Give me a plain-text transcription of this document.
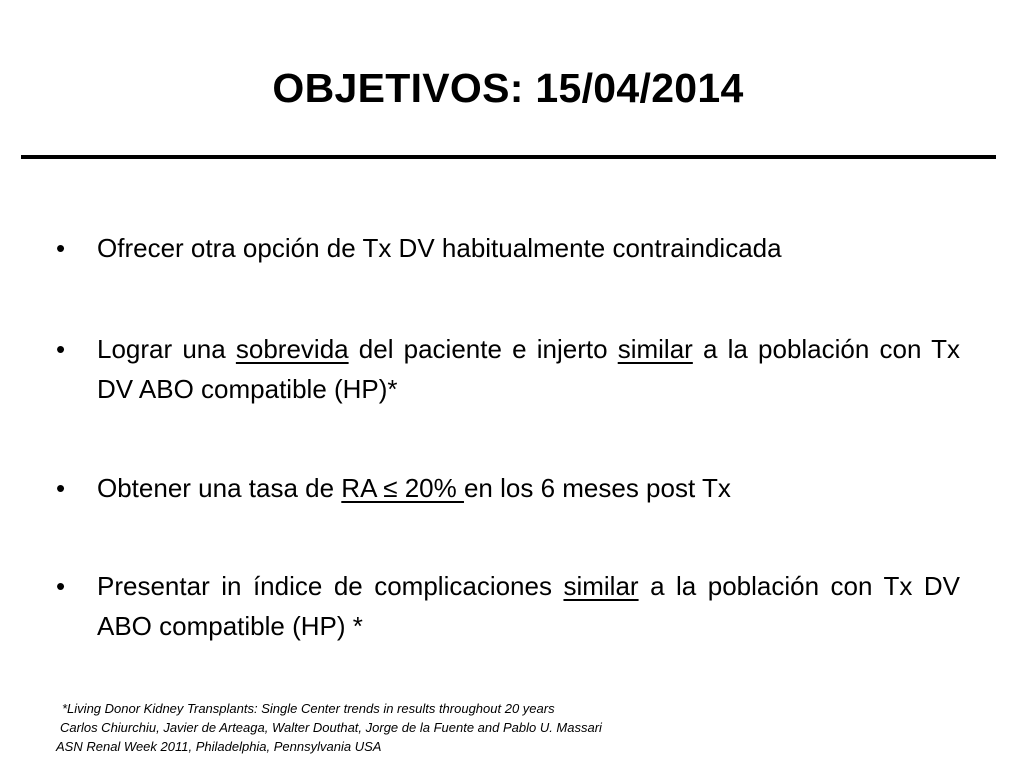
OBJETIVOS: 15/04/2014
•	Ofrecer otra opción de Tx DV habitualmente contraindicada
•	Lograr una sobrevida del paciente e injerto similar a la población con Tx DV ABO compatible (HP)*
•	Obtener una tasa de RA ≤ 20% en los 6 meses post Tx
•	Presentar in índice de complicaciones similar a la población con Tx DV ABO compatible (HP) *
*Living Donor Kidney Transplants: Single Center trends in results throughout 20 years
Carlos Chiurchiu, Javier de Arteaga, Walter Douthat, Jorge de la Fuente and Pablo U. Massari
ASN Renal Week 2011, Philadelphia, Pennsylvania USA
